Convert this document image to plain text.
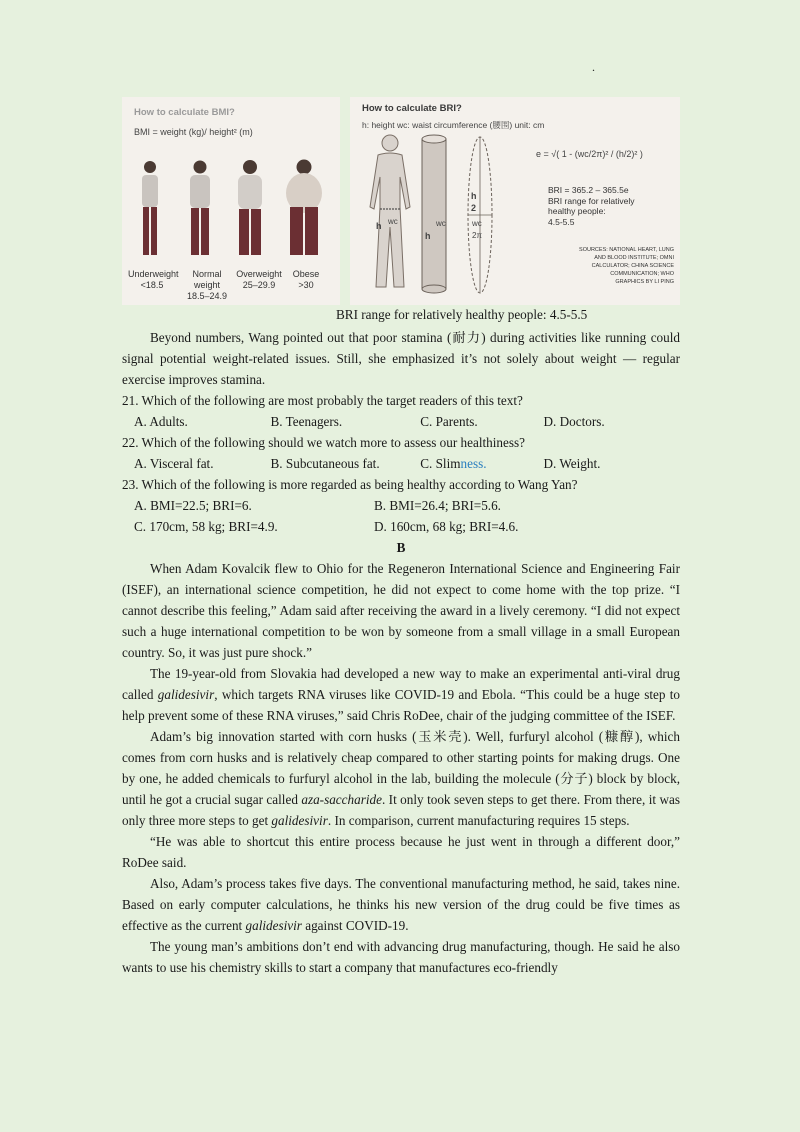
.
How to calculate BMI?
BMI = weight (kg)/ height² (m)
Underweight
<18.5
Normal weight
18.5–24.9
Overweight
25–29.9
Obese
>30
How to calculate BRI?
h: height wc: waist circumference (腰围) unit: cm
h wc
h
wc
h
2
wc
2π
e = √( 1 - (wc/2π)² / (h/2)² )
BRI = 365.2 – 365.5e
BRI range for relatively
healthy people:
4.5-5.5
SOURCES: NATIONAL HEART, LUNG
AND BLOOD INSTITUTE; OMNI
CALCULATOR; CHINA SCIENCE
COMMUNICATION; WHO
GRAPHICS BY LI PING
BRI range for relatively healthy people: 4.5-5.5

Beyond numbers, Wang pointed out that poor stamina (耐力) during activities like running could signal potential weight-related issues. Still, she emphasized it’s not solely about weight — regular exercise improves stamina.

21. Which of the following are most probably the target readers of this text?

A. Adults.	B. Teenagers.	C. Parents.	D. Doctors.

22. Which of the following should we watch more to assess our healthiness?

A. Visceral fat.	B. Subcutaneous fat.	C. Slimness.	D. Weight.

23. Which of the following is more regarded as being healthy according to Wang Yan?

A. BMI=22.5; BRI=6.	B. BMI=26.4; BRI=5.6.
C. 170cm, 58 kg; BRI=4.9.	D. 160cm, 68 kg; BRI=4.6.

B

When Adam Kovalcik flew to Ohio for the Regeneron International Science and Engineering Fair (ISEF), an international science competition, he did not expect to come home with the top prize. “I cannot describe this feeling,” Adam said after receiving the award in a lively ceremony. “I did not expect such a huge international competition to be won by someone from a small village in a small European country. So, it was just pure shock.”

The 19-year-old from Slovakia had developed a new way to make an experimental anti-viral drug called galidesivir, which targets RNA viruses like COVID-19 and Ebola. “This could be a huge step to help prevent some of these RNA viruses,” said Chris RoDee, chair of the judging committee of the ISEF.

Adam’s big innovation started with corn husks (玉米壳). Well, furfuryl alcohol (糠醇), which comes from corn husks and is relatively cheap compared to other starting points for making drugs. One by one, he added chemicals to furfuryl alcohol in the lab, building the molecule (分子) block by block, until he got a crucial sugar called aza-saccharide. It only took seven steps to get there. From there, it was only three more steps to get galidesivir. In comparison, current manufacturing requires 15 steps.

“He was able to shortcut this entire process because he just went in through a different door,” RoDee said.

Also, Adam’s process takes five days. The conventional manufacturing method, he said, takes nine. Based on early computer calculations, he thinks his new version of the drug could be five times as effective as the current galidesivir against COVID-19.

The young man’s ambitions don’t end with advancing drug manufacturing, though. He said he also wants to use his chemistry skills to start a company that manufactures eco-friendly
